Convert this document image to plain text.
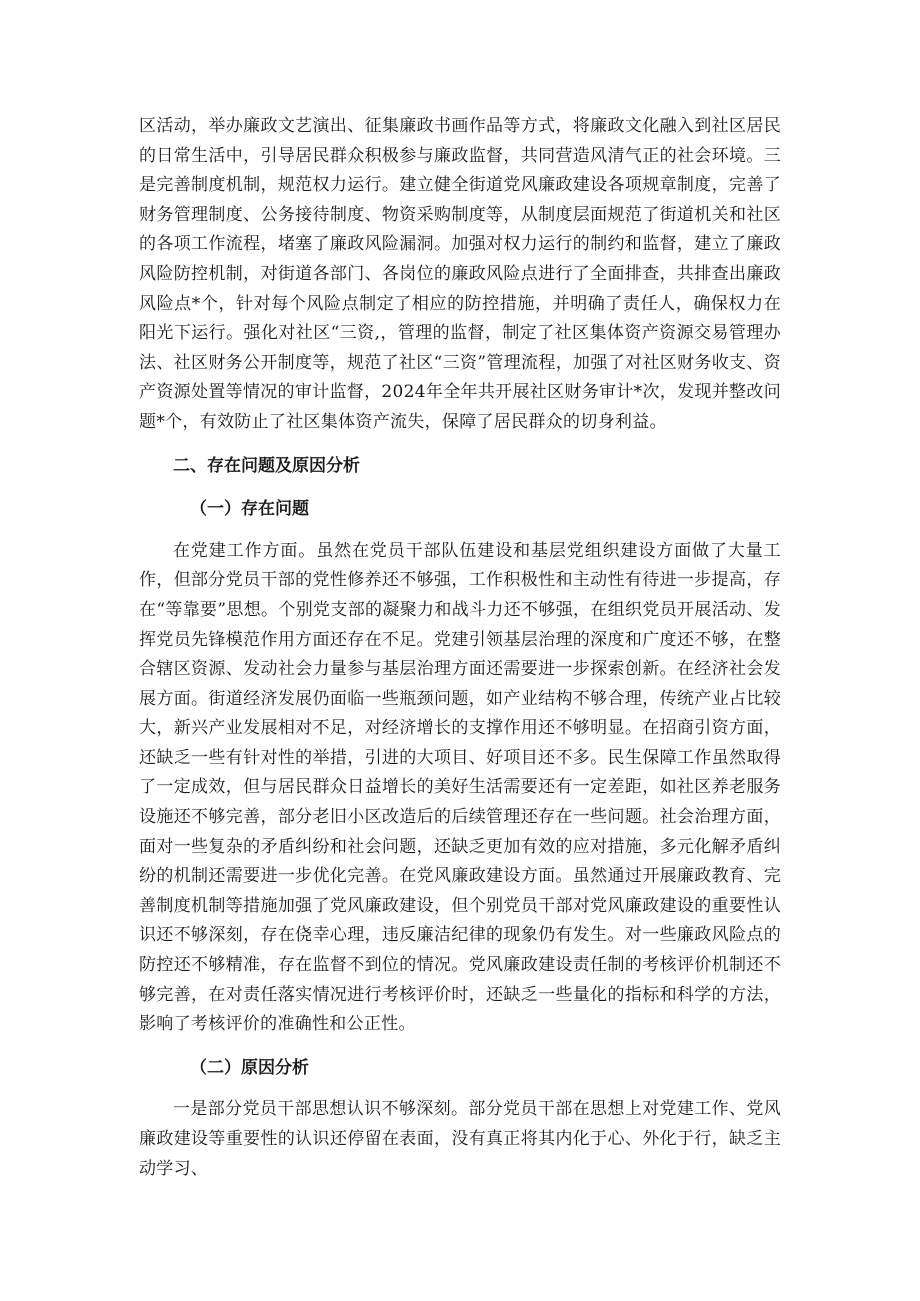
区活动，举办廉政文艺演出、征集廉政书画作品等方式，将廉政文化融入到社区居民的日常生活中，引导居民群众积极参与廉政监督，共同营造风清气正的社会环境。三是完善制度机制，规范权力运行。建立健全街道党风廉政建设各项规章制度，完善了财务管理制度、公务接待制度、物资采购制度等，从制度层面规范了街道机关和社区的各项工作流程，堵塞了廉政风险漏洞。加强对权力运行的制约和监督，建立了廉政风险防控机制，对街道各部门、各岗位的廉政风险点进行了全面排查，共排查出廉政风险点*个，针对每个风险点制定了相应的防控措施，并明确了责任人，确保权力在阳光下运行。强化对社区“三资,，管理的监督，制定了社区集体资产资源交易管理办法、社区财务公开制度等，规范了社区“三资”管理流程，加强了对社区财务收支、资产资源处置等情况的审计监督，2024年全年共开展社区财务审计*次，发现并整改问题*个，有效防止了社区集体资产流失，保障了居民群众的切身利益。

二、存在问题及原因分析
（一）存在问题

在党建工作方面。虽然在党员干部队伍建设和基层党组织建设方面做了大量工作，但部分党员干部的党性修养还不够强，工作积极性和主动性有待进一步提高，存在“等靠要”思想。个别党支部的凝聚力和战斗力还不够强，在组织党员开展活动、发挥党员先锋模范作用方面还存在不足。党建引领基层治理的深度和广度还不够，在整合辖区资源、发动社会力量参与基层治理方面还需要进一步探索创新。在经济社会发展方面。街道经济发展仍面临一些瓶颈问题，如产业结构不够合理，传统产业占比较大，新兴产业发展相对不足，对经济增长的支撑作用还不够明显。在招商引资方面，还缺乏一些有针对性的举措，引进的大项目、好项目还不多。民生保障工作虽然取得了一定成效，但与居民群众日益增长的美好生活需要还有一定差距，如社区养老服务设施还不够完善，部分老旧小区改造后的后续管理还存在一些问题。社会治理方面，面对一些复杂的矛盾纠纷和社会问题，还缺乏更加有效的应对措施，多元化解矛盾纠纷的机制还需要进一步优化完善。在党风廉政建设方面。虽然通过开展廉政教育、完善制度机制等措施加强了党风廉政建设，但个别党员干部对党风廉政建设的重要性认识还不够深刻，存在侥幸心理，违反廉洁纪律的现象仍有发生。对一些廉政风险点的防控还不够精准，存在监督不到位的情况。党风廉政建设责任制的考核评价机制还不够完善，在对责任落实情况进行考核评价时，还缺乏一些量化的指标和科学的方法，影响了考核评价的准确性和公正性。

（二）原因分析

一是部分党员干部思想认识不够深刻。部分党员干部在思想上对党建工作、党风廉政建设等重要性的认识还停留在表面，没有真正将其内化于心、外化于行，缺乏主动学习、
